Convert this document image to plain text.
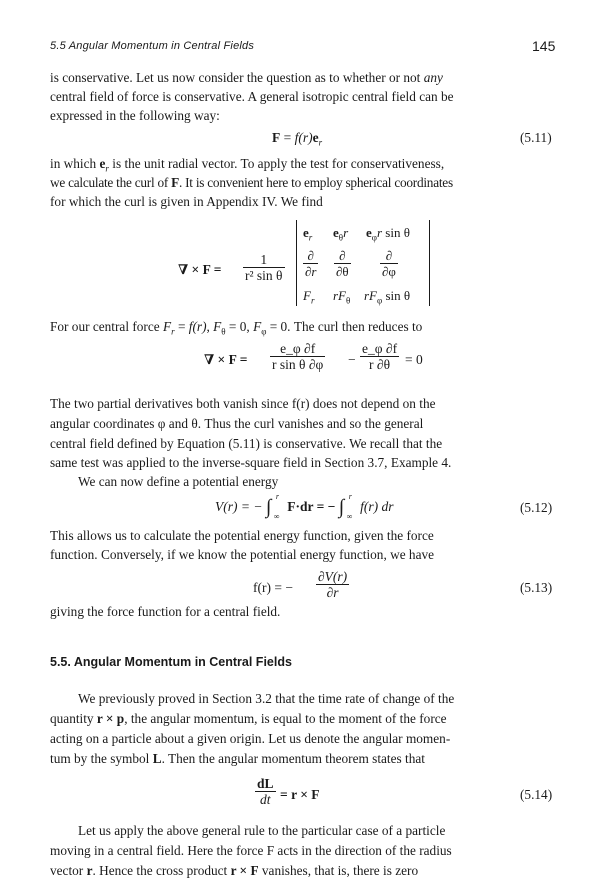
5.5 Angular Momentum in Central Fields	145
is conservative. Let us now consider the question as to whether or not any
central field of force is conservative. A general isotropic central field can be
expressed in the following way:
$F = f(r)e_r$	(5.11)
in which $e_r$ is the unit radial vector. To apply the test for conservativeness,
we calculate the curl of F. It is convenient here to employ spherical coordinates
for which the curl is given in Appendix IV. We find
∇ × $F = \frac{1}{\text{r² sin θ}}$
$e_r$ $e_\theta r$ $e_\varphi r$ sin θ
$\frac{\partial}{\partial r} \frac{\partial}{\partial\theta} \frac{\partial}{\partial\varphi}$
$F_r$ $rF_\theta$ $rF_\varphi$ sin θ
For our central force $F_r = f(r)$, $F_\theta = 0$, $F_\varphi = 0$. The curl then reduces to
∇ × $F = \frac{e\_\varphi \partial f}{\text{r sin θ ∂φ}} - \frac{e\_\varphi \partial f}{r \partial\theta} = 0$
The two partial derivatives both vanish since f(r) does not depend on the
angular coordinates φ and θ. Thus the curl vanishes and so the general
central field defined by Equation (5.11) is conservative. We recall that the
same test was applied to the inverse-square field in Section 3.7, Example 4.
We can now define a potential energy
V(r) = − ∫ r
∞
F·dr = − ∫ r
∞
f(r) dr	(5.12)
This allows us to calculate the potential energy function, given the force
function. Conversely, if we know the potential energy function, we have
f(r) = − $\frac{\partial V(r)}{\partial r}$	(5.13)
giving the force function for a central field.
5.5. Angular Momentum in Central Fields
We previously proved in Section 3.2 that the time rate of change of the
quantity r × p, the angular momentum, is equal to the moment of the force
acting on a particle about a given origin. Let us denote the angular momen-
tum by the symbol L. Then the angular momentum theorem states that
$\frac{dL}{dt} = r \times F$	(5.14)
Let us apply the above general rule to the particular case of a particle
moving in a central field. Here the force F acts in the direction of the radius
vector r. Hence the cross product r × F vanishes, that is, there is zero
